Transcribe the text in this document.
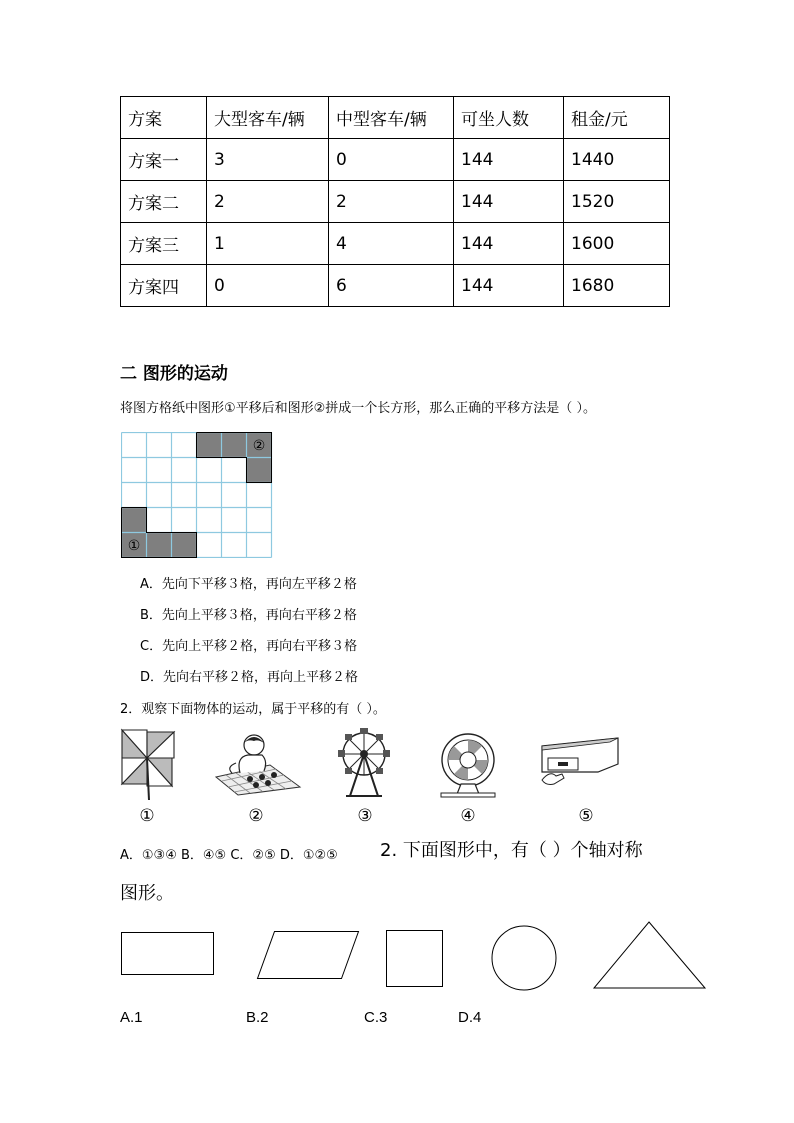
方案	大型客车/辆	中型客车/辆	可坐人数	租金/元
方案一	3	0	144	1440
方案二	2	2	144	1520
方案三	1	4	144	1600
方案四	0	6	144	1680
二 图形的运动
将图方格纸中图形①平移后和图形②拼成一个长方形，那么正确的平移方法是（ ）。
①
②
A．先向下平移３格，再向左平移２格
B．先向上平移３格，再向右平移２格
C．先向上平移２格，再向右平移３格
D．先向右平移２格，再向上平移２格
2．观察下面物体的运动，属于平移的有（ ）。
①	②	③	④	⑤
A．①③④ B．④⑤ C．②⑤ D．①②⑤ 2. 下面图形中，有（ ）个轴对称
图形。
A.1	B.2	C.3	D.4
